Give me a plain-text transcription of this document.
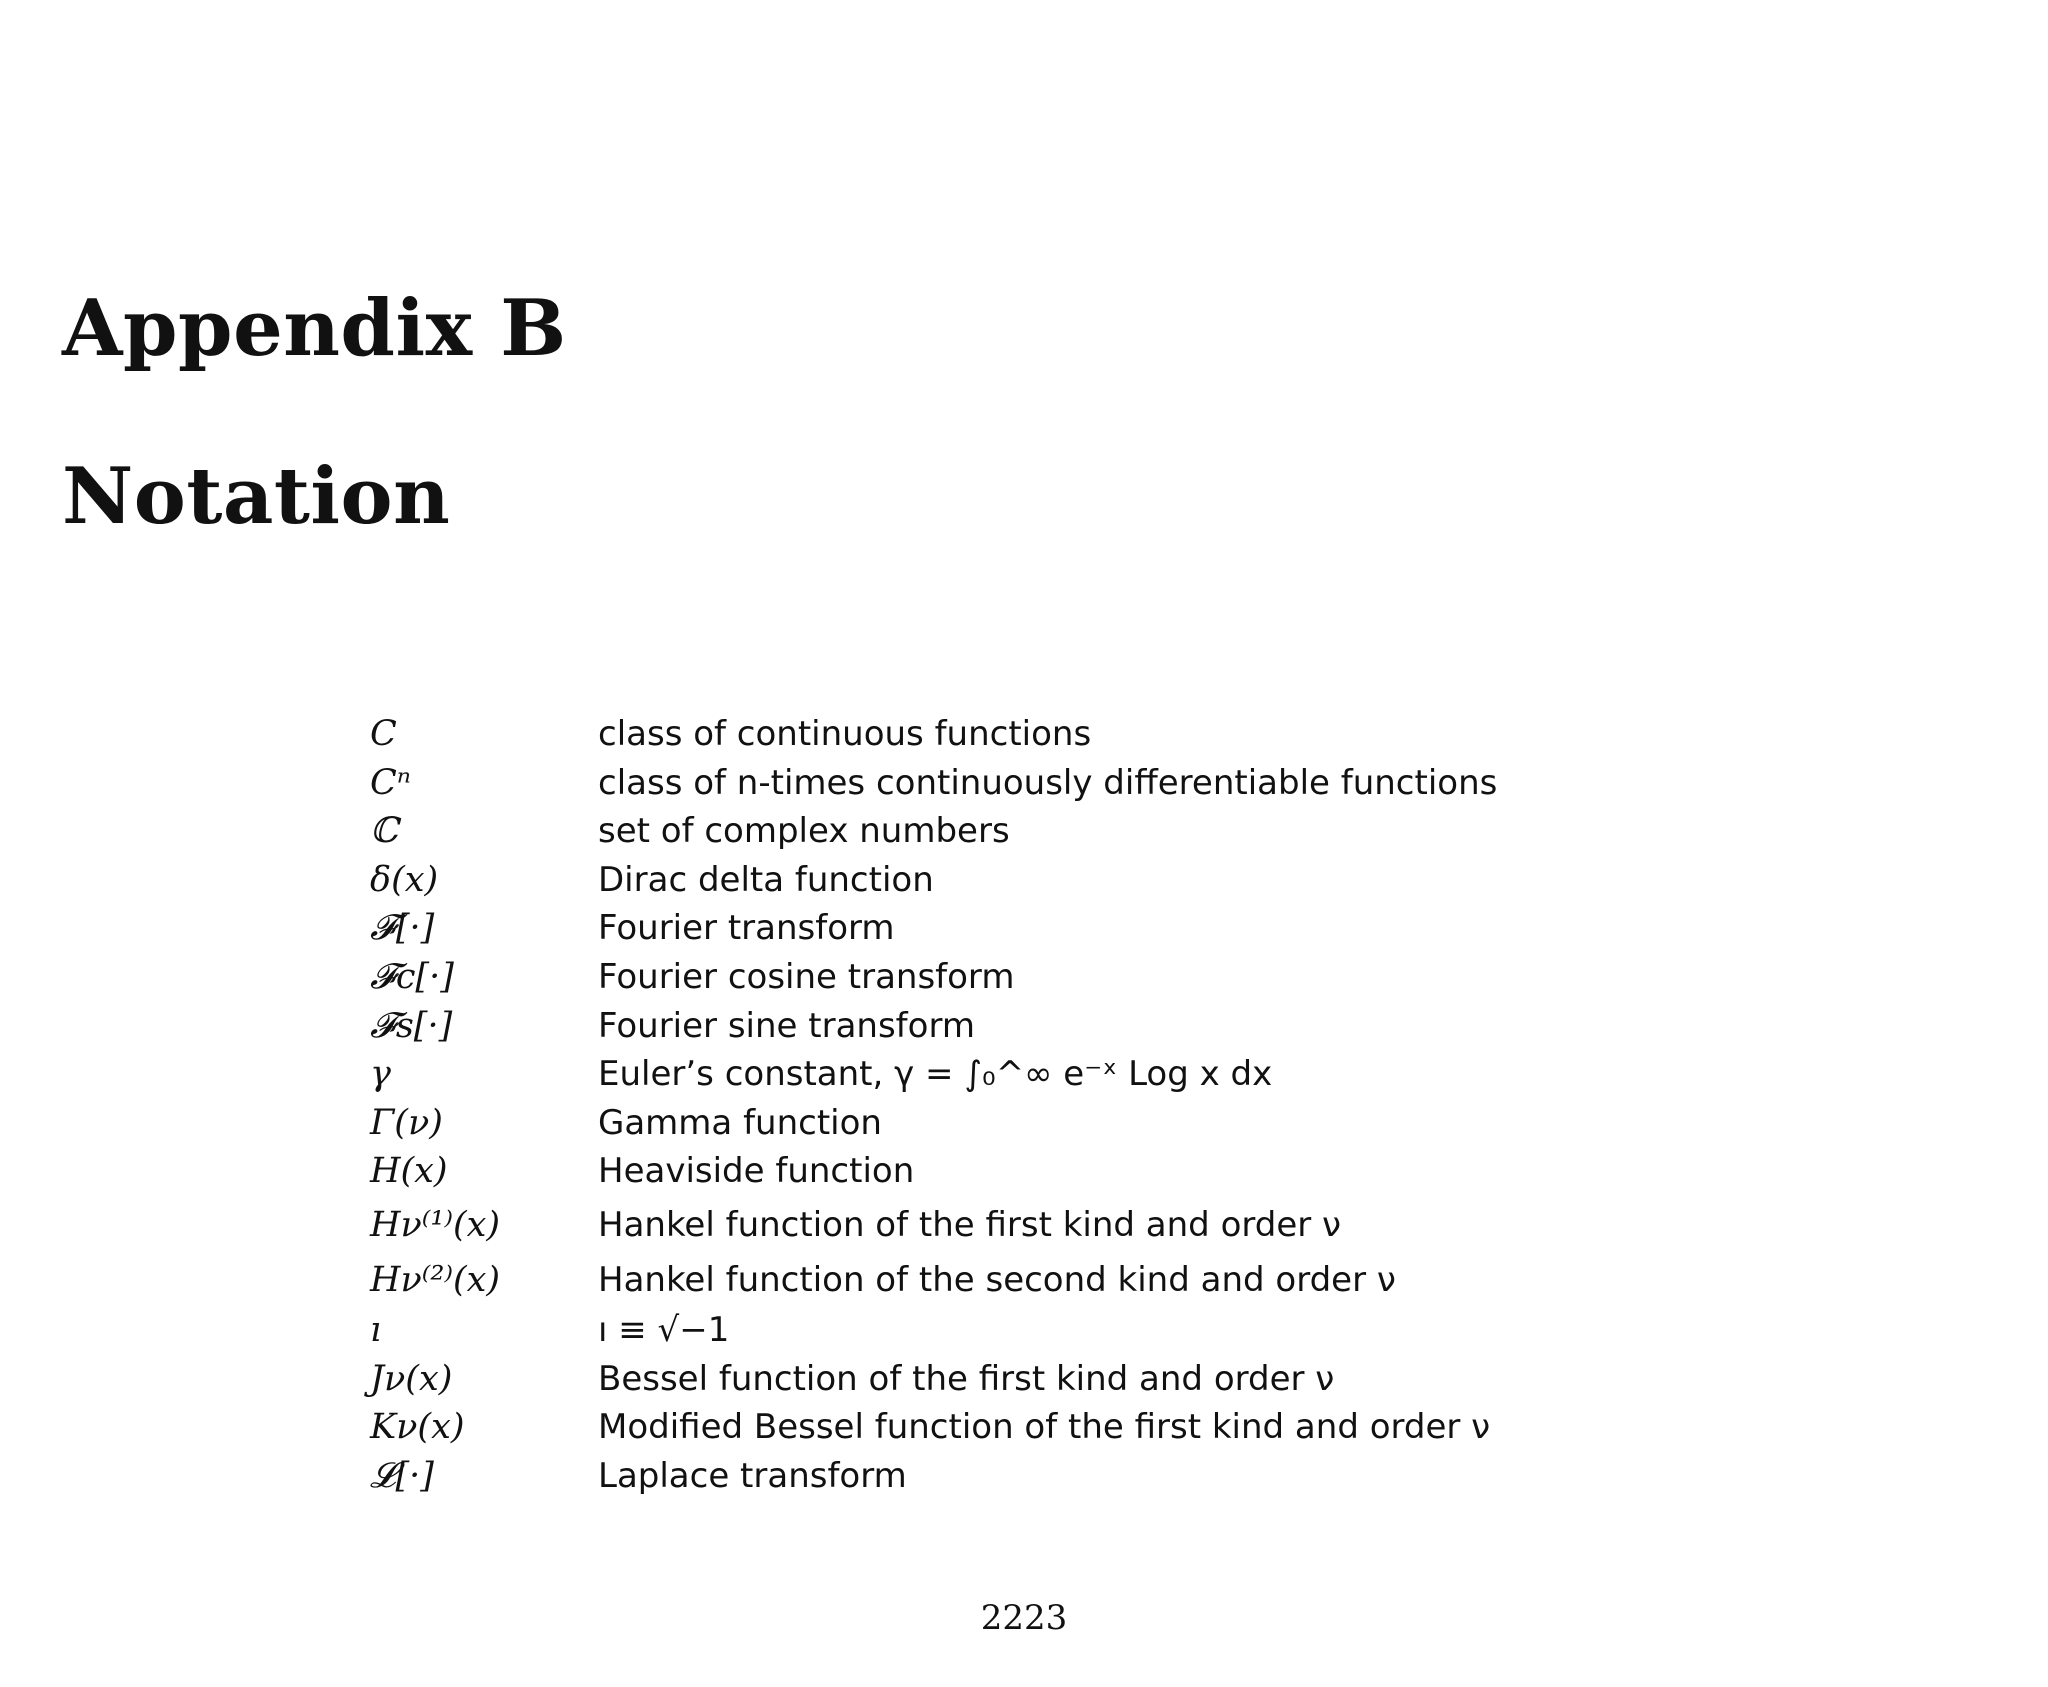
Appendix B
Notation
C	class of continuous functions
Cⁿ	class of n-times continuously differentiable functions
ℂ	set of complex numbers
δ(x)	Dirac delta function
𝓕[·]	Fourier transform
𝓕c[·]	Fourier cosine transform
𝓕s[·]	Fourier sine transform
γ	Euler’s constant, γ = ∫₀^∞ e⁻ˣ Log x dx
Γ(ν)	Gamma function
H(x)	Heaviside function
Hν⁽¹⁾(x)	Hankel function of the first kind and order ν
Hν⁽²⁾(x)	Hankel function of the second kind and order ν
ı	ı ≡ √−1
Jν(x)	Bessel function of the first kind and order ν
Kν(x)	Modified Bessel function of the first kind and order ν
𝓛[·]	Laplace transform
2223
